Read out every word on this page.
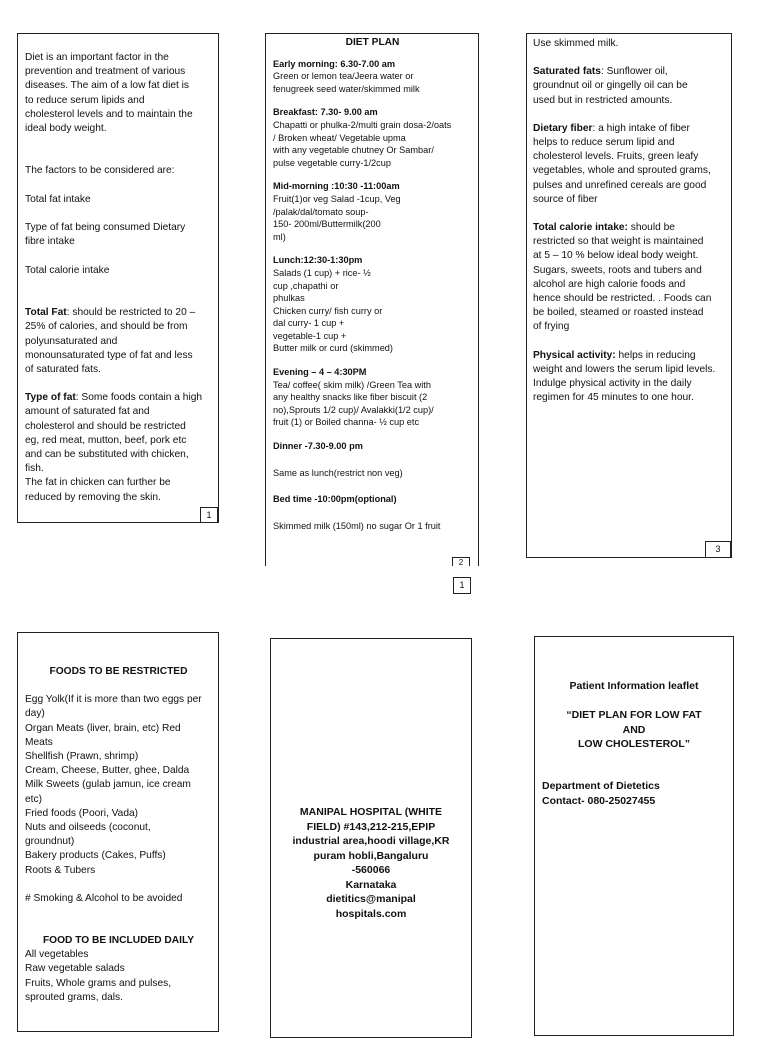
Diet is an important factor in the
prevention and treatment of various
diseases. The aim of a low fat diet is
to reduce serum lipids and
cholesterol levels and to maintain the
ideal body weight.

The factors to be considered are:

Total fat intake

Type of fat being consumed Dietary
fibre intake

Total calorie intake

Total Fat: should be restricted to 20 –
25% of calories, and should be from
polyunsaturated and
monounsaturated type of fat and less
of saturated fats.

Type of fat: Some foods contain a high
amount of saturated fat and
cholesterol and should be restricted
eg, red meat, mutton, beef, pork etc
and can be substituted with chicken,
fish.

The fat in chicken can further be
reduced by removing the skin.

1
DIET PLAN
Early morning: 6.30-7.00 am
Green or lemon tea/Jeera water or
fenugreek seed water/skimmed milk
Breakfast: 7.30- 9.00 am
Chapatti or phulka-2/multi grain dosa-2/oats
/ Broken wheat/ Vegetable upma
with any vegetable chutney Or Sambar/
pulse vegetable curry-1/2cup
Mid-morning :10:30 -11:00am
Fruit(1)or veg Salad -1cup, Veg
/palak/dal/tomato soup-
150- 200ml/Buttermilk(200
ml)
Lunch:12:30-1:30pm
Salads (1 cup) + rice- ½
cup ,chapathi or
phulkas
Chicken curry/ fish curry or
dal curry- 1 cup +
vegetable-1 cup +
Butter milk or curd (skimmed)
Evening – 4 – 4:30PM
Tea/ coffee( skim milk) /Green Tea with
any healthy snacks like fiber biscuit (2
no),Sprouts 1/2 cup)/ Avalakki(1/2 cup)/
fruit (1) or Boiled channa- ½ cup etc
Dinner -7.30-9.00 pm
Same as lunch(restrict non veg)
Bed time -10:00pm(optional)
Skimmed milk (150ml) no sugar Or 1 fruit
2
1

Use skimmed milk.

Saturated fats: Sunflower oil,
groundnut oil or gingelly oil can be
used but in restricted amounts.

Dietary fiber: a high intake of fiber
helps to reduce serum lipid and
cholesterol levels. Fruits, green leafy
vegetables, whole and sprouted grams,
pulses and unrefined cereals are good
source of fiber

Total calorie intake: should be
restricted so that weight is maintained
at 5 – 10 % below ideal body weight.
Sugars, sweets, roots and tubers and
alcohol are high calorie foods and
hence should be restricted. . Foods can
be boiled, steamed or roasted instead
of frying

Physical activity: helps in reducing
weight and lowers the serum lipid levels.
Indulge physical activity in the daily
regimen for 45 minutes to one hour.

3
FOODS TO BE RESTRICTED
Egg Yolk(If it is more than two eggs per
day)
Organ Meats (liver, brain, etc) Red
Meats
Shellfish (Prawn, shrimp)
Cream, Cheese, Butter, ghee, Dalda
Milk Sweets (gulab jamun, ice cream
etc)
Fried foods (Poori, Vada)
Nuts and oilseeds (coconut,
groundnut)
Bakery products (Cakes, Puffs)
Roots & Tubers

# Smoking & Alcohol to be avoided

FOOD TO BE INCLUDED DAILY
All vegetables
Raw vegetable salads
Fruits, Whole grams and pulses,
sprouted grams, dals.
MANIPAL HOSPITAL (WHITE
FIELD) #143,212-215,EPIP
industrial area,hoodi village,KR
puram hobli,Bangaluru
-560066
Karnataka
dietitics@manipal
hospitals.com
Patient Information leaflet
“DIET PLAN FOR LOW FAT AND
LOW CHOLESTEROL”
Department of Dietetics
Contact- 080-25027455
